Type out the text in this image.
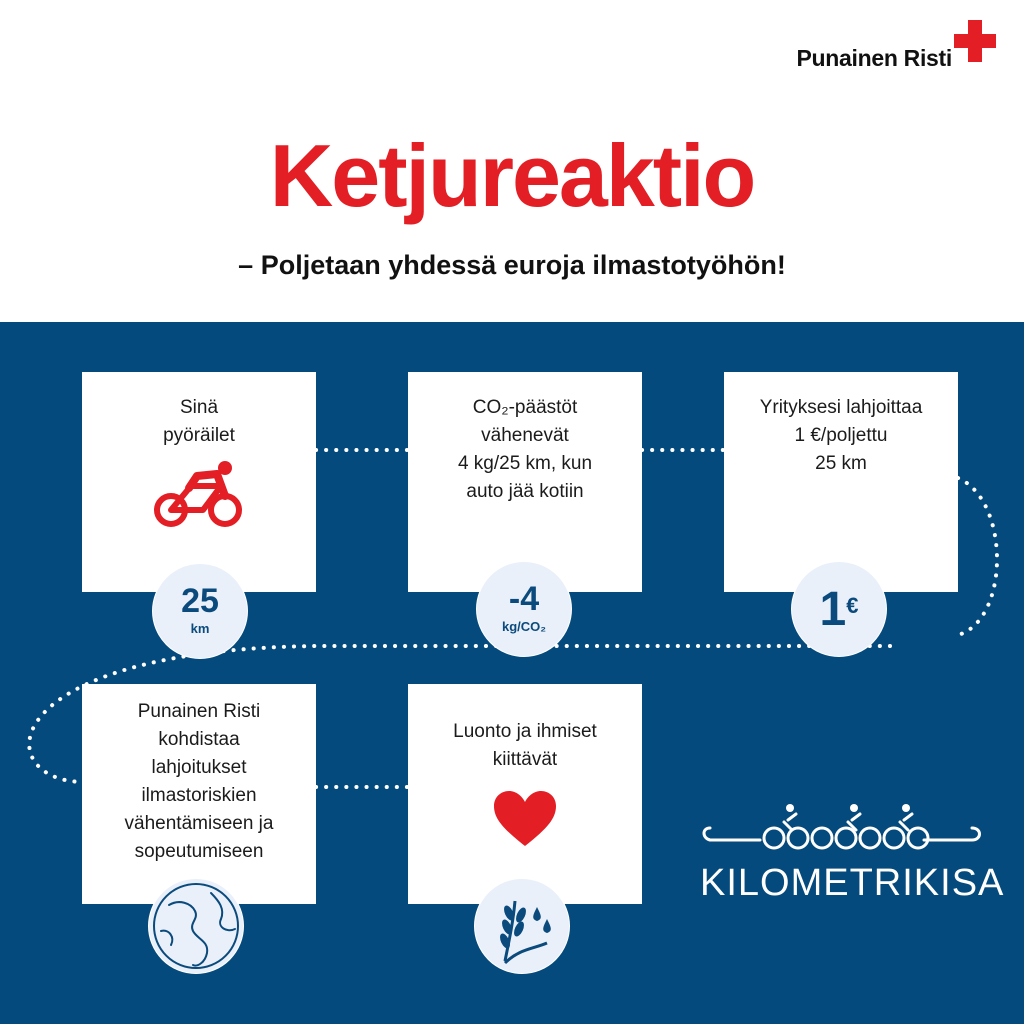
Punainen Risti
Ketjureaktio
– Poljetaan yhdessä euroja ilmastotyöhön!
Sinä
pyöräilet
25
km
CO₂-päästöt
vähenevät
4 kg/25 km, kun
auto jää kotiin
-4
kg/CO₂
Yrityksesi lahjoittaa
1 €/poljettu
25 km
1€
Punainen Risti
kohdistaa
lahjoitukset
ilmastoriskien
vähentämiseen ja
sopeutumiseen
Luonto ja ihmiset
kiittävät
KILOMETRIKISA
